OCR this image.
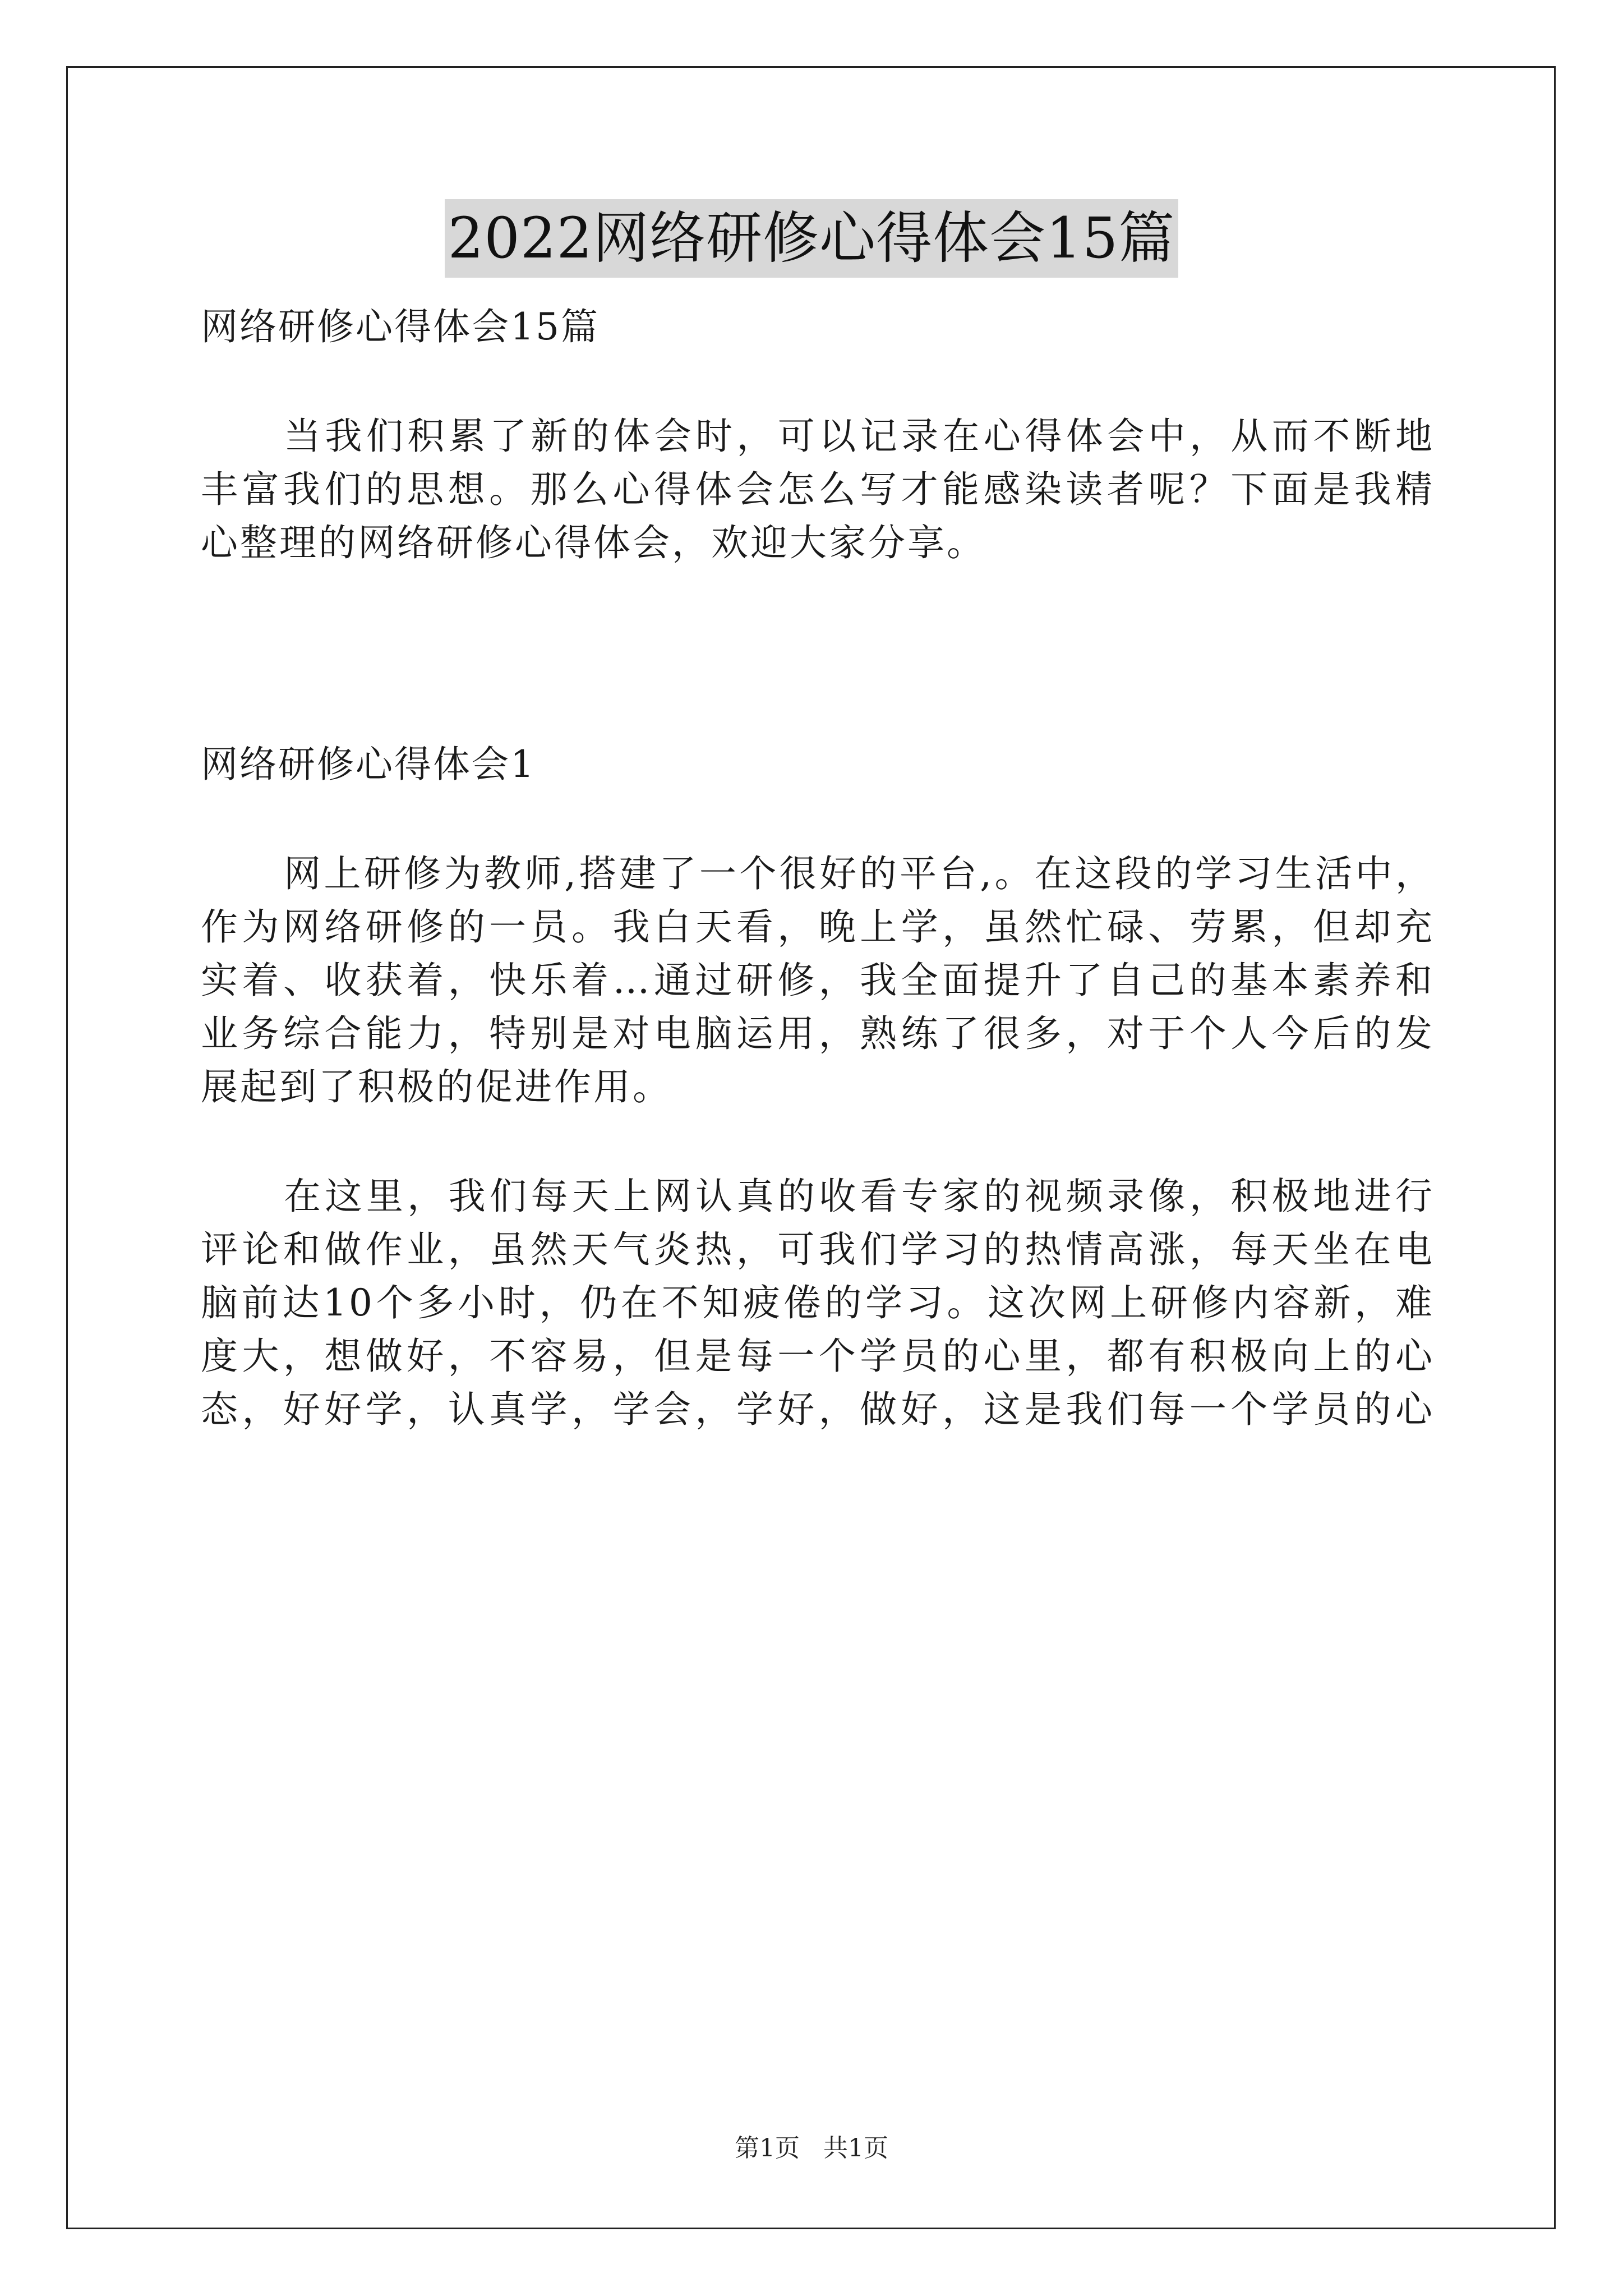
2022网络研修心得体会15篇
网络研修心得体会15篇
当我们积累了新的体会时，可以记录在心得体会中，从而不断地
丰富我们的思想。那么心得体会怎么写才能感染读者呢？下面是我精
心整理的网络研修心得体会，欢迎大家分享。
网络研修心得体会1
网上研修为教师,搭建了一个很好的平台,。在这段的学习生活中，
作为网络研修的一员。我白天看，晚上学，虽然忙碌、劳累，但却充
实着、收获着，快乐着…通过研修，我全面提升了自己的基本素养和
业务综合能力，特别是对电脑运用，熟练了很多，对于个人今后的发
展起到了积极的促进作用。
在这里，我们每天上网认真的收看专家的视频录像，积极地进行
评论和做作业，虽然天气炎热，可我们学习的热情高涨，每天坐在电
脑前达10个多小时，仍在不知疲倦的学习。这次网上研修内容新，难
度大，想做好，不容易，但是每一个学员的心里，都有积极向上的心
态，好好学，认真学，学会，学好，做好，这是我们每一个学员的心
第1页 共1页
